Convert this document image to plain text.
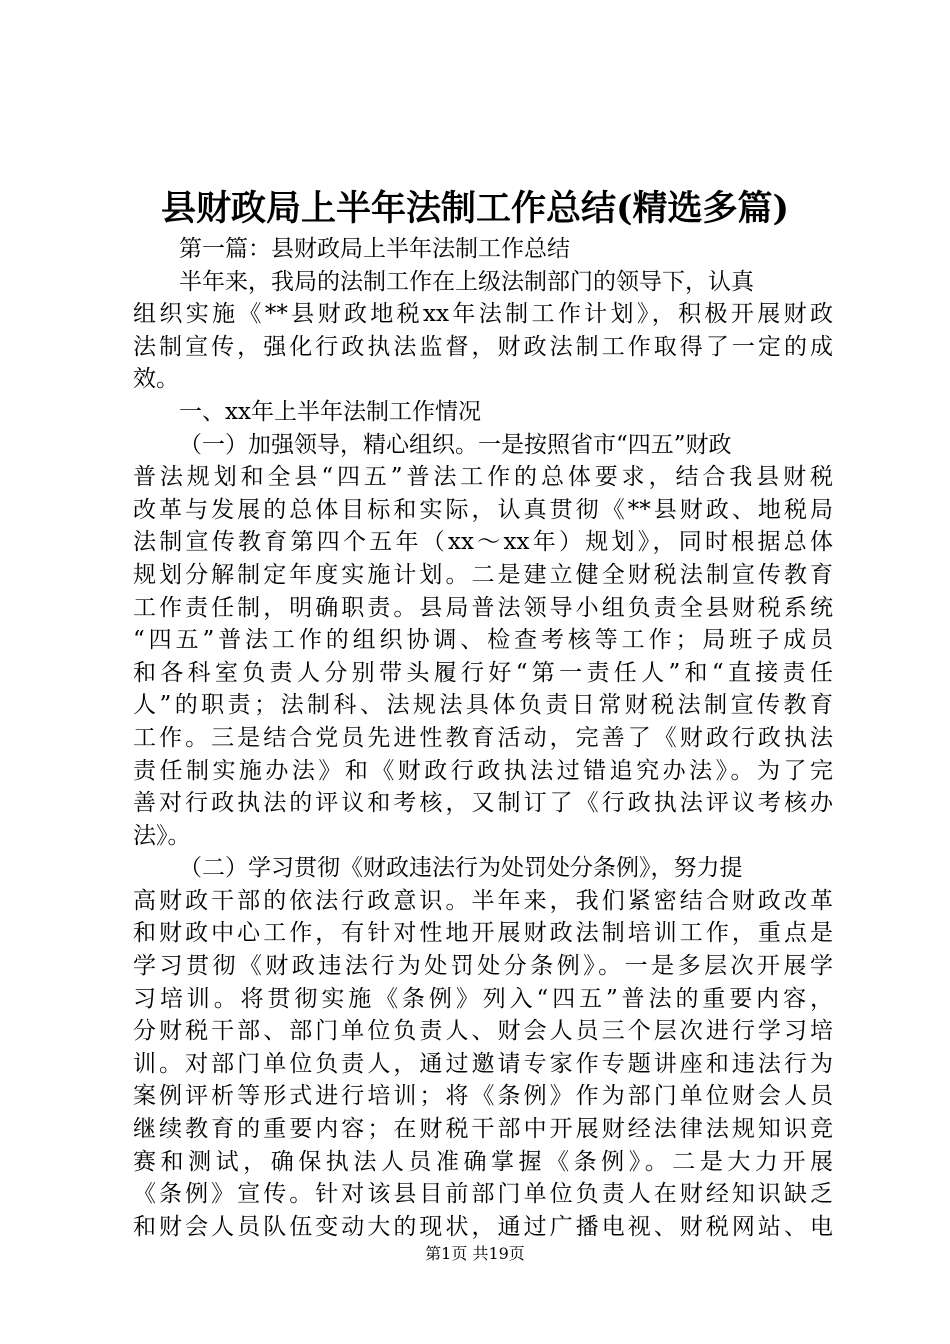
县财政局上半年法制工作总结(精选多篇)
第一篇：县财政局上半年法制工作总结
半年来，我局的法制工作在上级法制部门的领导下，认真
组织实施《**县财政地税xx年法制工作计划》，积极开展财政
法制宣传，强化行政执法监督，财政法制工作取得了一定的成
效。
一、xx年上半年法制工作情况
（一）加强领导，精心组织。一是按照省市“四五”财政
普法规划和全县“四五”普法工作的总体要求，结合我县财税
改革与发展的总体目标和实际，认真贯彻《**县财政、地税局
法制宣传教育第四个五年（xx～xx年）规划》，同时根据总体
规划分解制定年度实施计划。二是建立健全财税法制宣传教育
工作责任制，明确职责。县局普法领导小组负责全县财税系统
“四五”普法工作的组织协调、检查考核等工作；局班子成员
和各科室负责人分别带头履行好“第一责任人”和“直接责任
人”的职责；法制科、法规法具体负责日常财税法制宣传教育
工作。三是结合党员先进性教育活动，完善了《财政行政执法
责任制实施办法》和《财政行政执法过错追究办法》。为了完
善对行政执法的评议和考核，又制订了《行政执法评议考核办
法》。
（二）学习贯彻《财政违法行为处罚处分条例》，努力提
高财政干部的依法行政意识。半年来，我们紧密结合财政改革
和财政中心工作，有针对性地开展财政法制培训工作，重点是
学习贯彻《财政违法行为处罚处分条例》。一是多层次开展学
习培训。将贯彻实施《条例》列入“四五”普法的重要内容，
分财税干部、部门单位负责人、财会人员三个层次进行学习培
训。对部门单位负责人，通过邀请专家作专题讲座和违法行为
案例评析等形式进行培训；将《条例》作为部门单位财会人员
继续教育的重要内容；在财税干部中开展财经法律法规知识竞
赛和测试，确保执法人员准确掌握《条例》。二是大力开展
《条例》宣传。针对该县目前部门单位负责人在财经知识缺乏
和财会人员队伍变动大的现状，通过广播电视、财税网站、电
第1页 共19页
